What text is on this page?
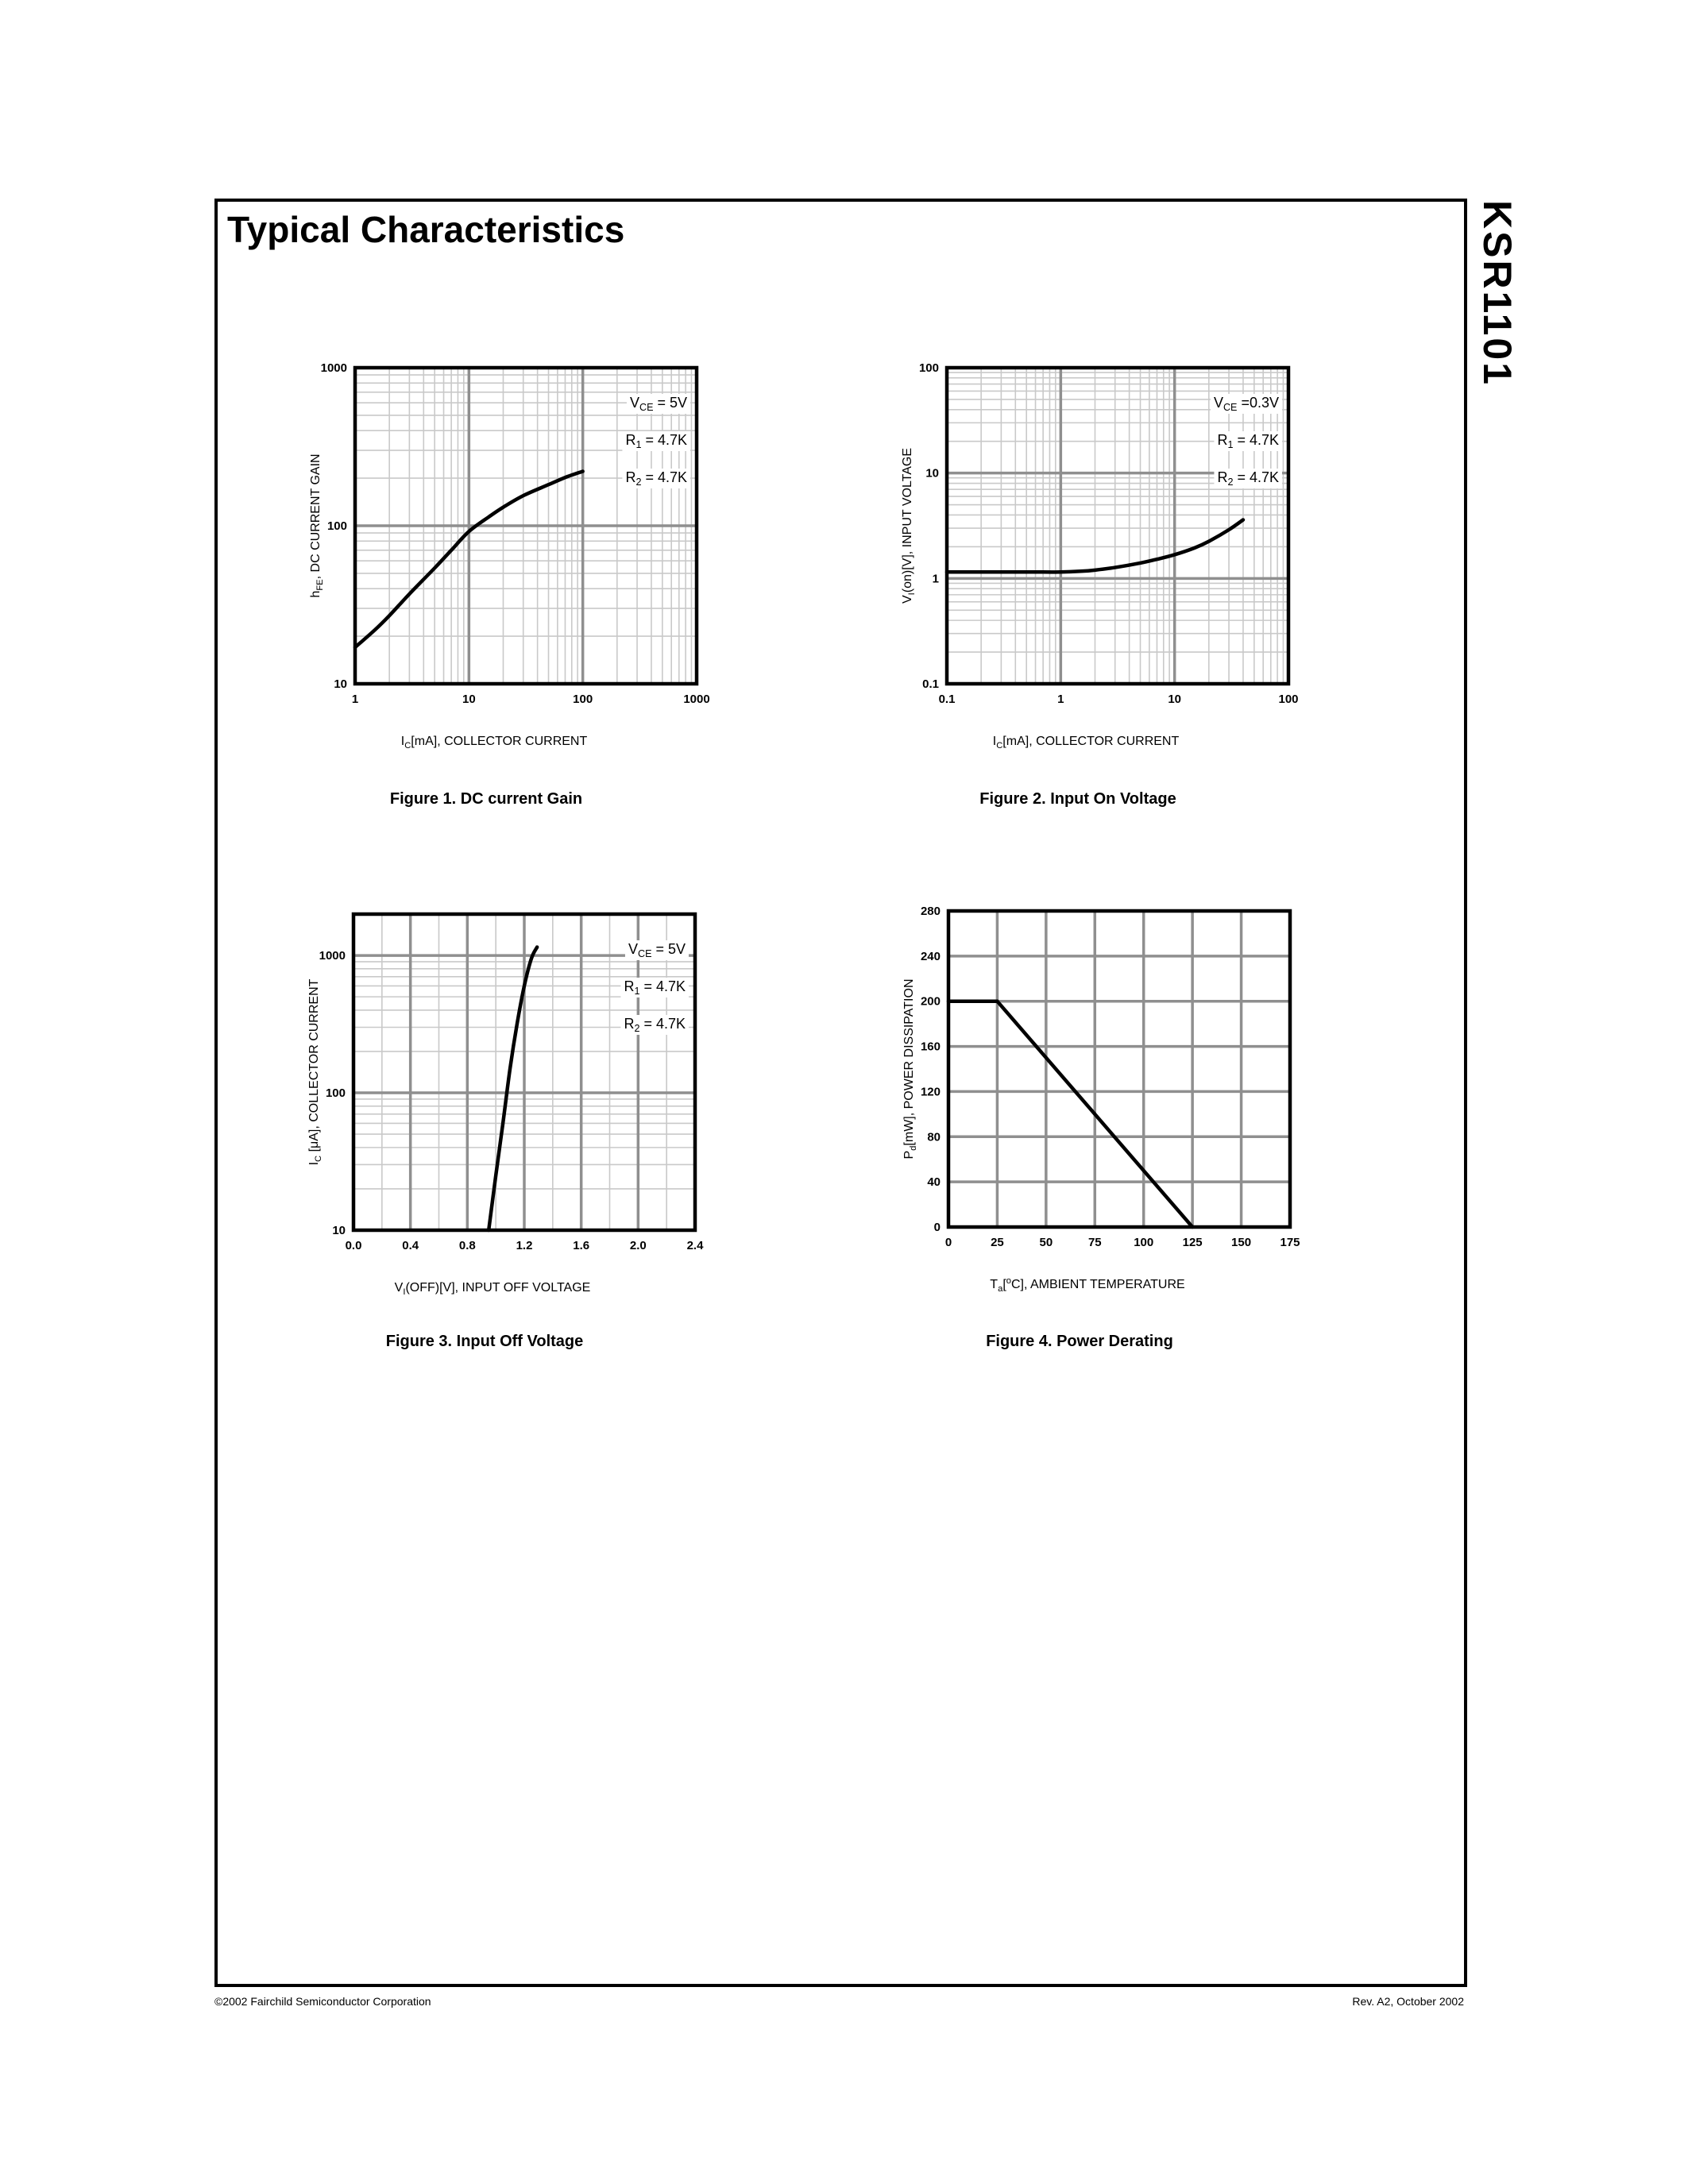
Typical Characteristics	KSR1101
$V_{CE} = 5V$
$R_1 = 4.7K$
$R_2 = 4.7K$
1	10	100	1000
10
100
1000
$I_C[mA]$, COLLECTOR CURRENT
$h_{FE}$, DC CURRENT GAIN
$V_{CE} =0.3V$
$R_1 = 4.7K$
$R_2 = 4.7K$
0.1	1	10	100
0.1
1
10
100
$I_C[mA]$, COLLECTOR CURRENT
$V_I(on)[V]$, INPUT VOLTAGE
$V_{CE} = 5V$
$R_1 = 4.7K$
$R_2 = 4.7K$
0.0	0.4	0.8	1.2	1.6	2.0	2.4
10
100
1000
$V_I(OFF)[V]$, INPUT OFF VOLTAGE
$I_C$ [μA], COLLECTOR CURRENT
0	25	50	75	100 125 150 175
0
40
80
120
160
200
240
280
$T_a[^oC]$, AMBIENT TEMPERATURE
$P_d[mW]$, POWER DISSIPATION
Figure 1. DC current Gain	Figure 2. Input On Voltage
Figure 3. Input Off Voltage	Figure 4. Power Derating
©2002 Fairchild Semiconductor Corporation	Rev. A2, October 2002
